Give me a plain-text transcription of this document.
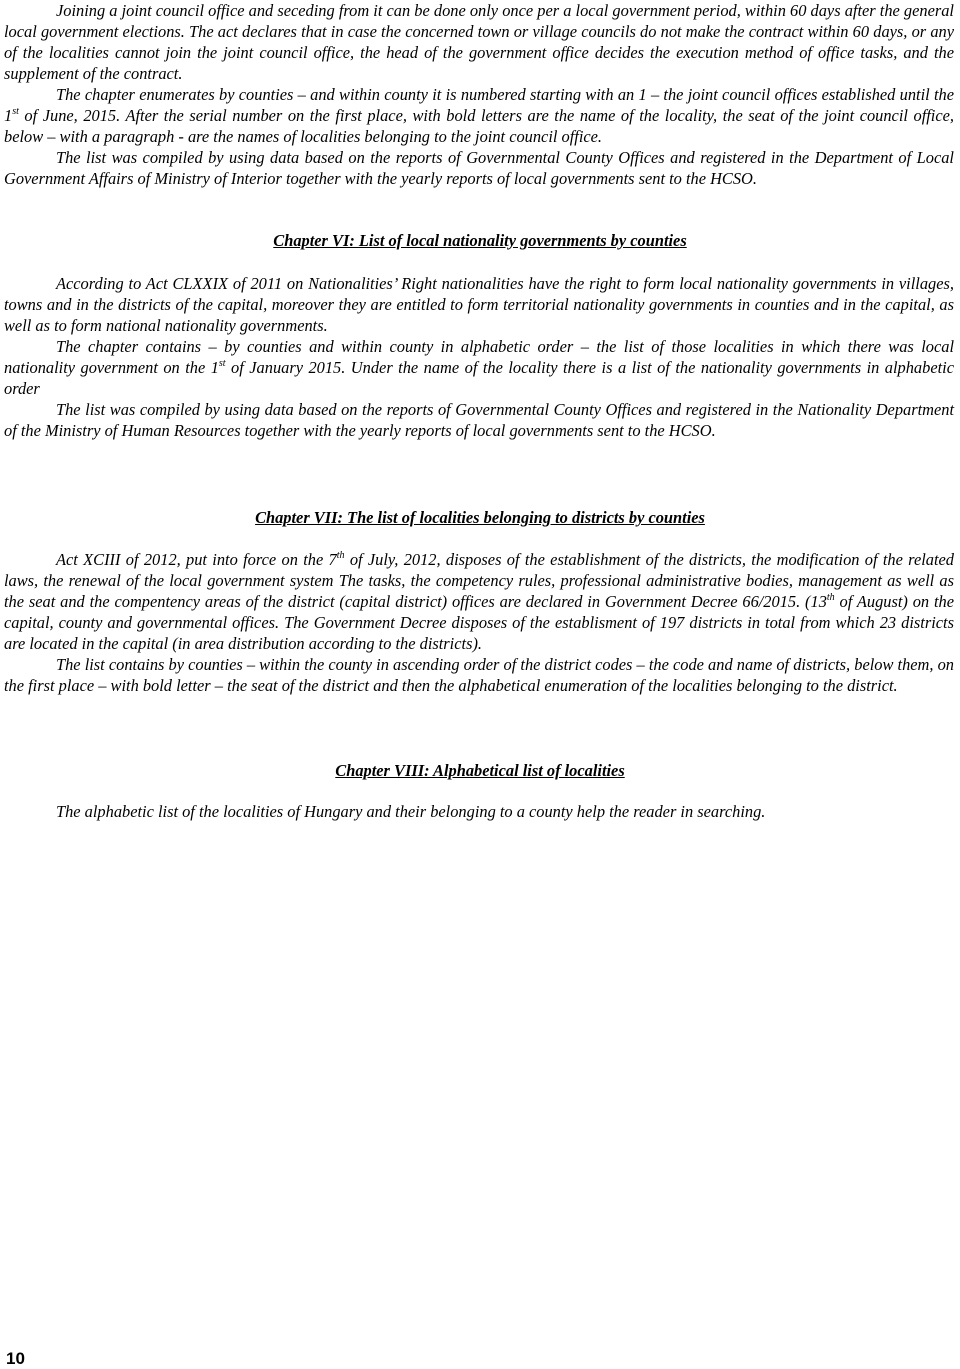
Joining a joint council office and seceding from it can be done only once per a local government period, within 60 days after the general local government elections. The act declares that in case the concerned town or village councils do not make the contract within 60 days, or any of the localities cannot join the joint council office, the head of the government office decides the execution method of office tasks, and the supplement of the contract.

The chapter enumerates by counties – and within county it is numbered starting with an 1 – the joint council offices established until the 1st of June, 2015. After the serial number on the first place, with bold letters are the name of the locality, the seat of the joint council office, below – with a paragraph - are the names of localities belonging to the joint council office.

The list was compiled by using data based on the reports of Governmental County Offices and registered in the Department of Local Government Affairs of Ministry of Interior together with the yearly reports of local governments sent to the HCSO.

Chapter VI: List of local nationality governments by counties

According to Act CLXXIX of 2011 on Nationalities’ Right nationalities have the right to form local nationality governments in villages, towns and in the districts of the capital, moreover they are entitled to form territorial nationality governments in counties and in the capital, as well as to form national nationality governments.

The chapter contains – by counties and within county in alphabetic order – the list of those localities in which there was local nationality government on the 1st of January 2015. Under the name of the locality there is a list of the nationality governments in alphabetic order

The list was compiled by using data based on the reports of Governmental County Offices and registered in the Nationality Department of the Ministry of Human Resources together with the yearly reports of local governments sent to the HCSO.

Chapter VII: The list of localities belonging to districts by counties

Act XCIII of 2012, put into force on the 7th of July, 2012, disposes of the establishment of the districts, the modification of the related laws, the renewal of the local government system The tasks, the competency rules, professional administrative bodies, management as well as the seat and the compentency areas of the district (capital district) offices are declared in Government Decree 66/2015. (13th of August) on the capital, county and governmental offices. The Government Decree disposes of the establisment of 197 districts in total from which 23 districts are located in the capital (in area distribution according to the districts).

The list contains by counties – within the county in ascending order of the district codes – the code and name of districts, below them, on the first place – with bold letter – the seat of the district and then the alphabetical enumeration of the localities belonging to the district.

Chapter VIII: Alphabetical list of localities

The alphabetic list of the localities of Hungary and their belonging to a county help the reader in searching.

10
